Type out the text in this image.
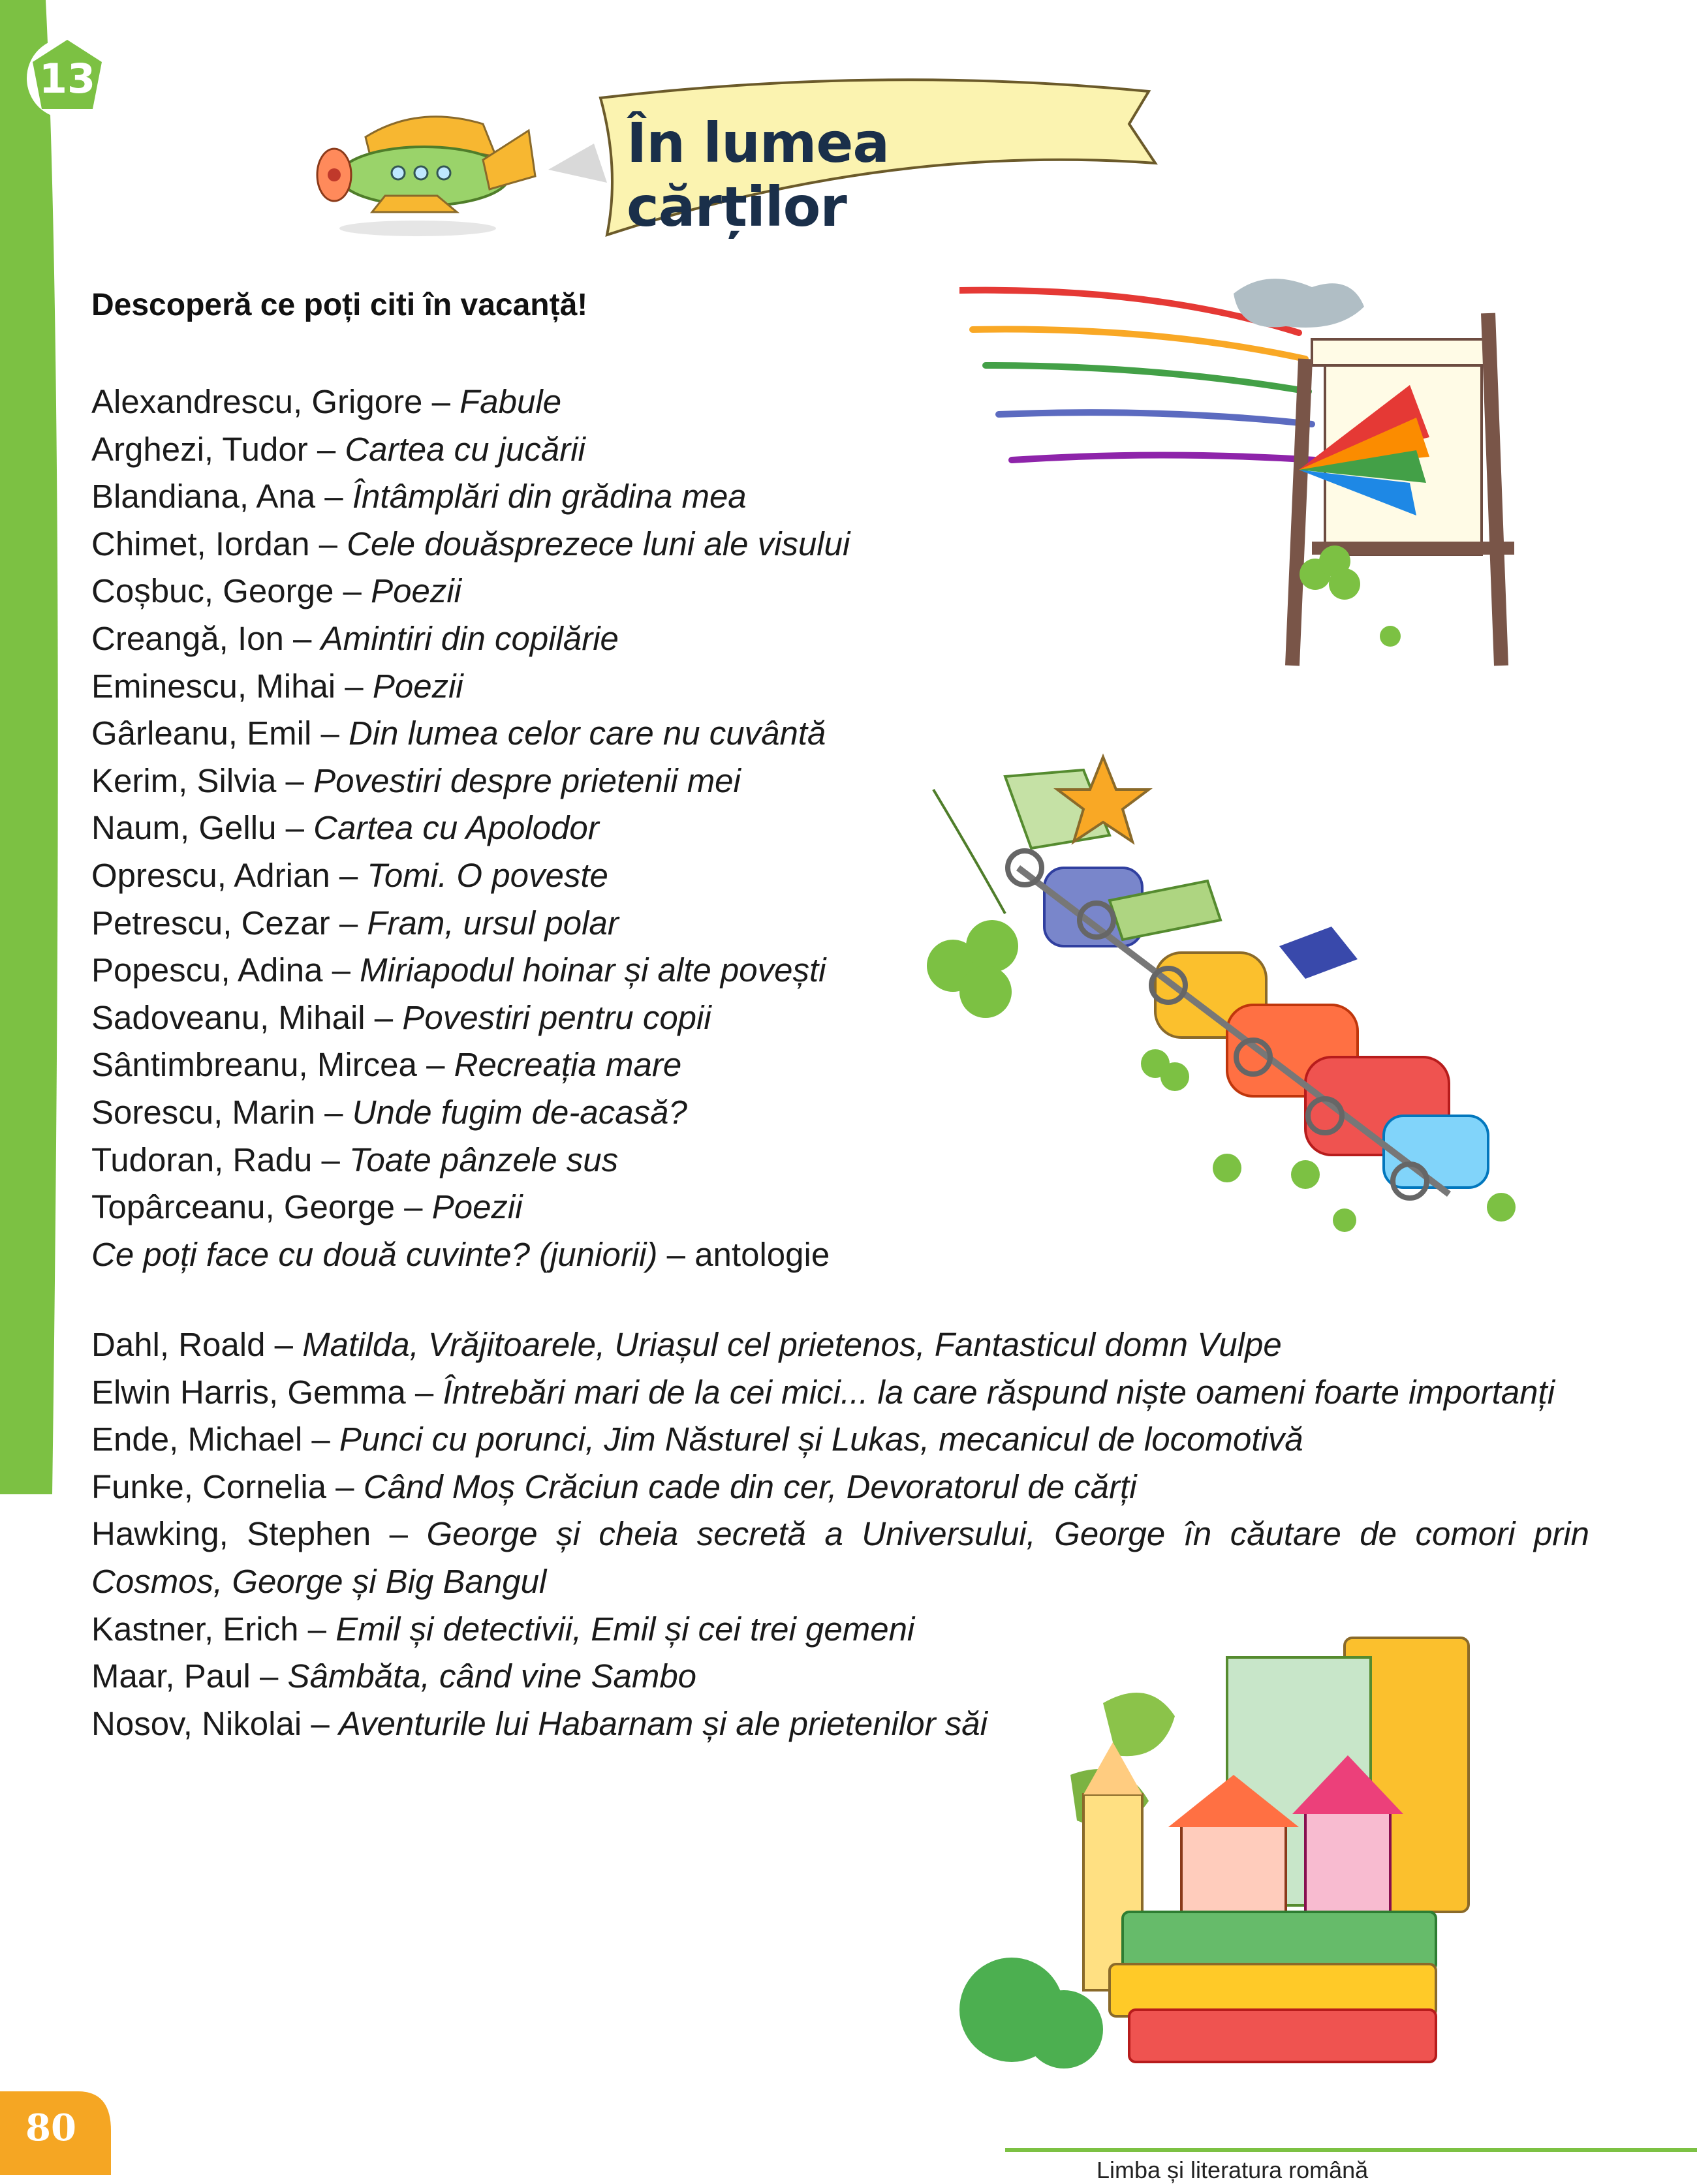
13
În lumea cărților
Descoperă ce poți citi în vacanță!
Alexandrescu, Grigore – Fabule
Arghezi, Tudor – Cartea cu jucării
Blandiana, Ana – Întâmplări din grădina mea
Chimet, Iordan – Cele douăsprezece luni ale visului
Coșbuc, George – Poezii
Creangă, Ion – Amintiri din copilărie
Eminescu, Mihai – Poezii
Gârleanu, Emil – Din lumea celor care nu cuvântă
Kerim, Silvia – Povestiri despre prietenii mei
Naum, Gellu – Cartea cu Apolodor
Oprescu, Adrian – Tomi. O poveste
Petrescu, Cezar – Fram, ursul polar
Popescu, Adina – Miriapodul hoinar și alte povești
Sadoveanu, Mihail – Povestiri pentru copii
Sântimbreanu, Mircea – Recreația mare
Sorescu, Marin – Unde fugim de-acasă?
Tudoran, Radu – Toate pânzele sus
Topârceanu, George – Poezii
Ce poți face cu două cuvinte? (juniorii) – antologie
Dahl, Roald – Matilda, Vrăjitoarele, Uriașul cel prietenos, Fantasticul domn Vulpe
Elwin Harris, Gemma – Întrebări mari de la cei mici... la care răspund niște oameni foarte importanți
Ende, Michael – Punci cu porunci, Jim Năsturel și Lukas, mecanicul de locomotivă
Funke, Cornelia – Când Moș Crăciun cade din cer, Devoratorul de cărți
Hawking, Stephen – George și cheia secretă a Universului, George în căutare de comori prin Cosmos, George și Big Bangul
Kastner, Erich – Emil și detectivii, Emil și cei trei gemeni
Maar, Paul – Sâmbăta, când vine Sambo
Nosov, Nikolai – Aventurile lui Habarnam și ale prietenilor săi
80
Limba și literatura română
